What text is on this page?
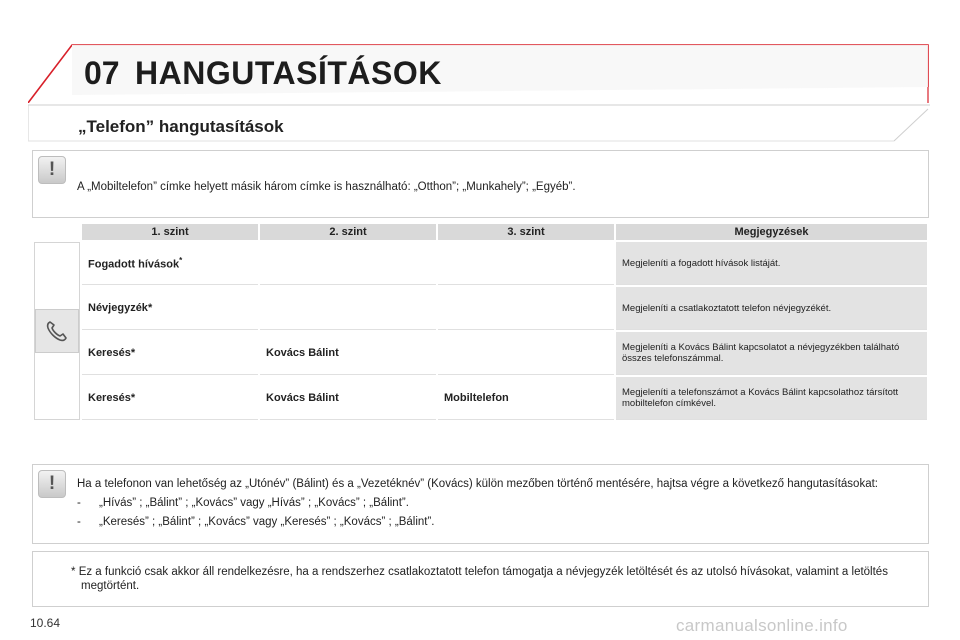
07 HANGUTASÍTÁSOK
„Telefon” hangutasítások
!
A „Mobiltelefon” címke helyett másik három címke is használható: „Otthon”; „Munkahely”; „Egyéb”.
	1. szint	2. szint	3. szint	Megjegyzések

	Fogadott hívások*			Megjeleníti a fogadott hívások listáját.
	Névjegyzék*			Megjeleníti a csatlakoztatott telefon névjegyzékét.
	Keresés*	Kovács Bálint		Megjeleníti a Kovács Bálint kapcsolatot a névjegyzékben található összes telefonszámmal.
	Keresés*	Kovács Bálint	Mobiltelefon	Megjeleníti a telefonszámot a Kovács Bálint kapcsolathoz társított mobiltelefon címkével.
!	Ha a telefonon van lehetőség az „Utónév” (Bálint) és a „Vezetéknév” (Kovács) külön mezőben történő mentésére, hajtsa végre a következő hangutasításokat:
- „Hívás” ; „Bálint” ; „Kovács” vagy „Hívás” ; „Kovács” ; „Bálint”.
- „Keresés” ; „Bálint” ; „Kovács” vagy „Keresés” ; „Kovács” ; „Bálint”.
* Ez a funkció csak akkor áll rendelkezésre, ha a rendszerhez csatlakoztatott telefon támogatja a névjegyzék letöltését és az utolsó hívásokat, valamint a letöltés megtörtént.
10.64	carmanualsonline.info
